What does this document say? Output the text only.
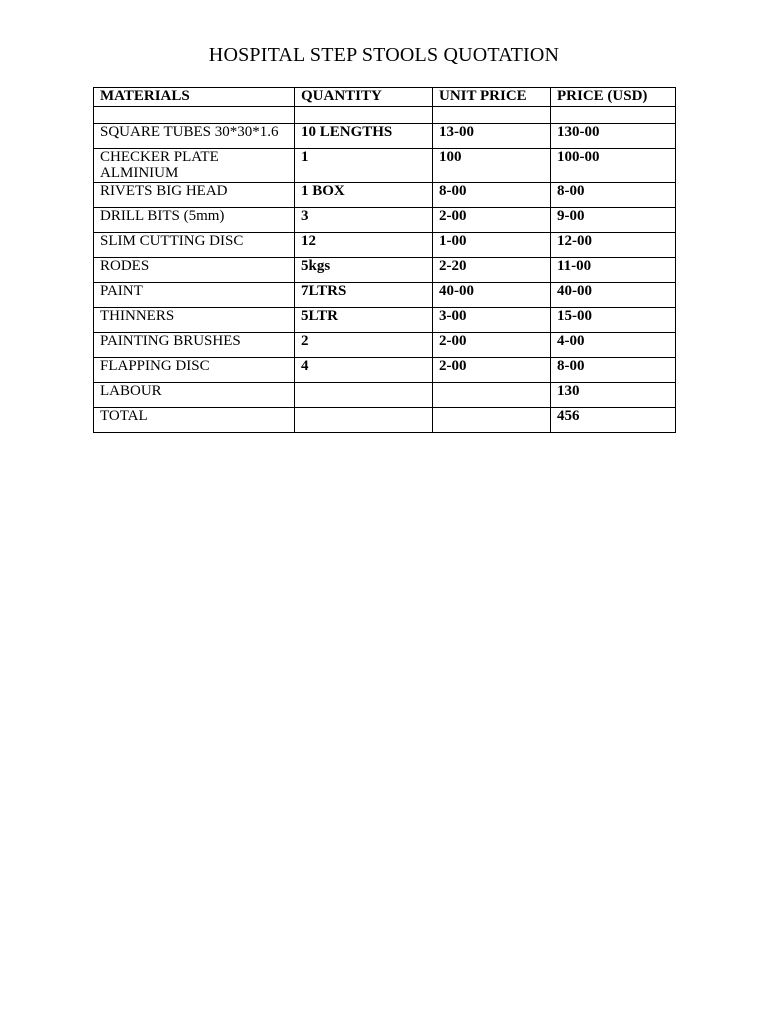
HOSPITAL STEP STOOLS QUOTATION
MATERIALS	QUANTITY	UNIT PRICE	PRICE (USD)

SQUARE TUBES 30*30*1.6	10 LENGTHS	13-00	130-00
CHECKER PLATE ALMINIUM	1	100	100-00
RIVETS BIG HEAD	1 BOX	8-00	8-00
DRILL BITS (5mm)	3	2-00	9-00
SLIM CUTTING DISC	12	1-00	12-00
RODES	5kgs	2-20	11-00
PAINT	7LTRS	40-00	40-00
THINNERS	5LTR	3-00	15-00
PAINTING BRUSHES	2	2-00	4-00
FLAPPING DISC	4	2-00	8-00
LABOUR			130
TOTAL			456
